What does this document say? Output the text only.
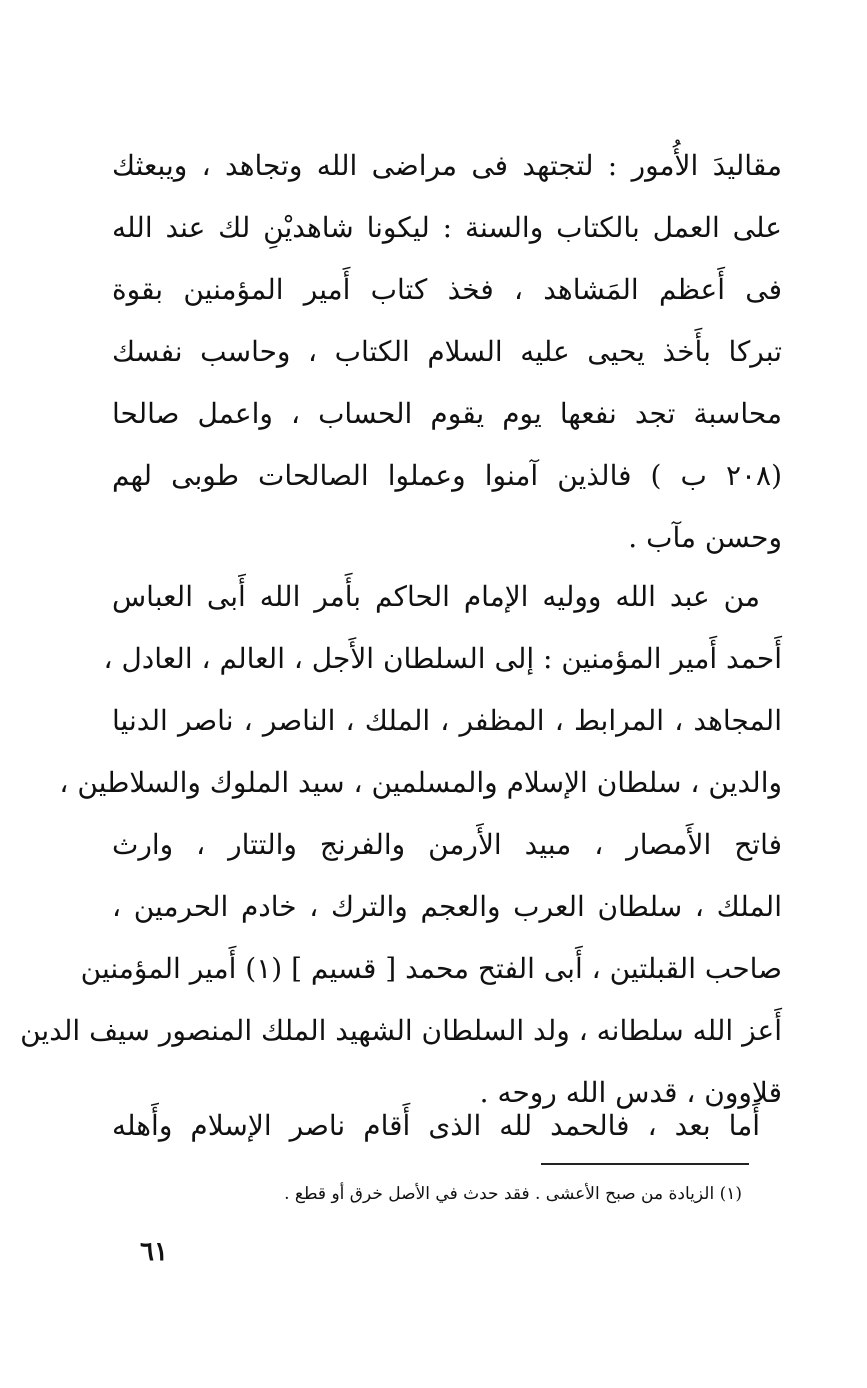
مقاليدَ الأُمور : لتجتهد فى مراضى الله وتجاهد ، ويبعثك
على العمل بالكتاب والسنة : ليكونا شاهديْنِ لك عند الله
فى أَعظم المَشاهد ، فخذ كتاب أَمير المؤمنين بقوة
تبركا بأَخذ يحيى عليه السلام الكتاب ، وحاسب نفسك
محاسبة تجد نفعها يوم يقوم الحساب ، واعمل صالحا
(٢٠٨ ب ) فالذين آمنوا وعملوا الصالحات طوبى لهم
وحسن مآب .
من عبد الله ووليه الإمام الحاكم بأَمر الله أَبى العباس
أَحمد أَمير المؤمنين : إلى السلطان الأَجل ، العالم ، العادل ،
المجاهد ، المرابط ، المظفر ، الملك ، الناصر ، ناصر الدنيا
والدين ، سلطان الإسلام والمسلمين ، سيد الملوك والسلاطين ،
فاتح الأَمصار ، مبيد الأَرمن والفرنج والتتار ، وارث
الملك ، سلطان العرب والعجم والترك ، خادم الحرمين ،
صاحب القبلتين ، أَبى الفتح محمد [ قسيم ] (١) أَمير المؤمنين
أَعز الله سلطانه ، ولد السلطان الشهيد الملك المنصور سيف الدين
قلاوون ، قدس الله روحه .
أَما بعد ، فالحمد لله الذى أَقام ناصر الإسلام وأَهله
(١) الزيادة من صبح الأعشى . فقد حدث في الأصل خرق أو قطع .
٦١
